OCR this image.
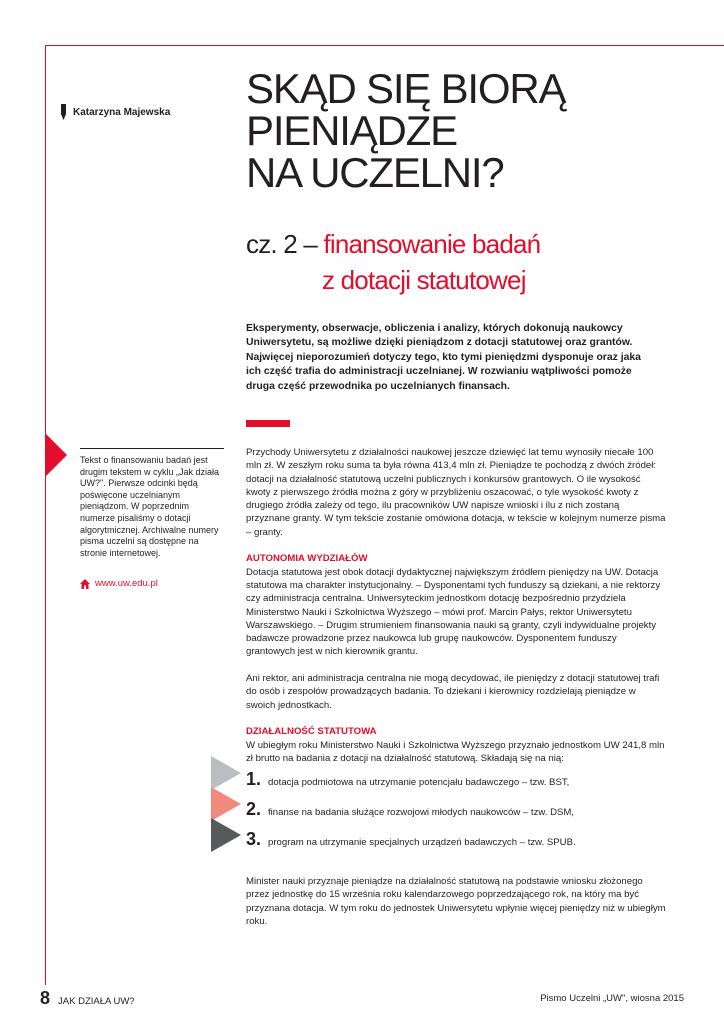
Katarzyna Majewska SKĄD SIĘ BIORĄ
PIENIĄDZE
NA UCZELNI?
cz. 2 – finansowanie badań
z dotacji statutowej
Eksperymenty, obserwacje, obliczenia i analizy, których dokonują naukowcy Uniwersytetu, są możliwe dzięki pieniądzom z dotacji statutowej oraz grantów. Najwięcej nieporozumień dotyczy tego, kto tymi pieniędzmi dysponuje oraz jaka ich część trafia do administracji uczelnianej. W rozwianiu wątpliwości pomoże druga część przewodnika po uczelnianych finansach.
Tekst o finansowaniu badań jest drugim tekstem w cyklu „Jak działa UW?". Pierwsze odcinki będą poświęcone uczelnianym pieniądzom. W poprzednim numerze pisaliśmy o dotacji algorytmicznej. Archiwalne numery pisma uczelni są dostępne na stronie internetowej.
www.uw.edu.pl

Przychody Uniwersytetu z działalności naukowej jeszcze dziewięć lat temu wynosiły niecałe 100 mln zł. W zeszłym roku suma ta była równa 413,4 mln zł. Pieniądze te pochodzą z dwóch źródeł: dotacji na działalność statutową uczelni publicznych i konkursów grantowych. O ile wysokość kwoty z pierwszego źródła można z góry w przybliżeniu oszacować, o tyle wysokość kwoty z drugiego źródła zależy od tego, ilu pracowników UW napisze wnioski i ilu z nich zostaną przyznane granty. W tym tekście zostanie omówiona dotacja, w tekście w kolejnym numerze pisma – granty.

AUTONOMIA WYDZIAŁÓW

Dotacja statutowa jest obok dotacji dydaktycznej największym źródłem pieniędzy na UW. Dotacja statutowa ma charakter instytucjonalny. – Dysponentami tych funduszy są dziekani, a nie rektorzy czy administracja centralna. Uniwersyteckim jednostkom dotację bezpośrednio przydziela Ministerstwo Nauki i Szkolnictwa Wyższego – mówi prof. Marcin Pałys, rektor Uniwersytetu Warszawskiego. – Drugim strumieniem finansowania nauki są granty, czyli indywidualne projekty badawcze prowadzone przez naukowca lub grupę naukowców. Dysponentem funduszy grantowych jest w nich kierownik grantu.

Ani rektor, ani administracja centralna nie mogą decydować, ile pieniędzy z dotacji statutowej trafi do osób i zespołów prowadzących badania. To dziekani i kierownicy rozdzielają pieniądze w swoich jednostkach.

DZIAŁALNOŚĆ STATUTOWA

W ubiegłym roku Ministerstwo Nauki i Szkolnictwa Wyższego przyznało jednostkom UW 241,8 mln zł brutto na badania z dotacji na działalność statutową. Składają się na nią:

1. dotacja podmiotowa na utrzymanie potencjału badawczego – tzw. BST,
2. finanse na badania służące rozwojowi młodych naukowców – tzw. DSM,
3. program na utrzymanie specjalnych urządzeń badawczych – tzw. SPUB.

Minister nauki przyznaje pieniądze na działalność statutową na podstawie wniosku złożonego przez jednostkę do 15 września roku kalendarzowego poprzedzającego rok, na który ma być przyznana dotacja. W tym roku do jednostek Uniwersytetu wpłynie więcej pieniędzy niż w ubiegłym roku.

8 JAK DZIAŁA UW?	Pismo Uczelni „UW", wiosna 2015
